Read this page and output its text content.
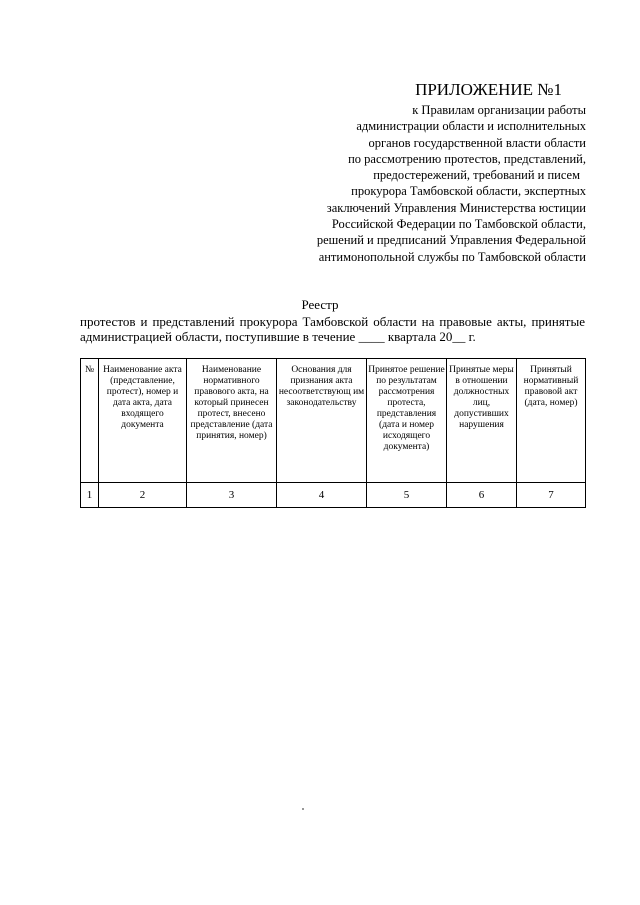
ПРИЛОЖЕНИЕ №1
к Правилам организации работы
администрации области и исполнительных
органов государственной власти области
по рассмотрению протестов, представлений,
предостережений, требований и писем
прокурора Тамбовской области, экспертных
заключений Управления Министерства юстиции
Российской Федерации по Тамбовской области,
решений и предписаний Управления Федеральной
антимонопольной службы по Тамбовской области
Реестр
протестов и представлений прокурора Тамбовской области на правовые акты, принятые администрацией области, поступившие в течение ____ квартала 20__ г.
№	Наименование акта (представление, протест), номер и дата акта, дата входящего документа	Наименование нормативного правового акта, на который принесен протест, внесено представление (дата принятия, номер)	Основания для признания акта несоответствующ им законодательству	Принятое решение по результатам рассмотрения протеста, представления (дата и номер исходящего документа)	Принятые меры в отношении должностных лиц, допустивших нарушения	Принятый нормативный правовой акт (дата, номер)
1	2	3	4	5	6	7
